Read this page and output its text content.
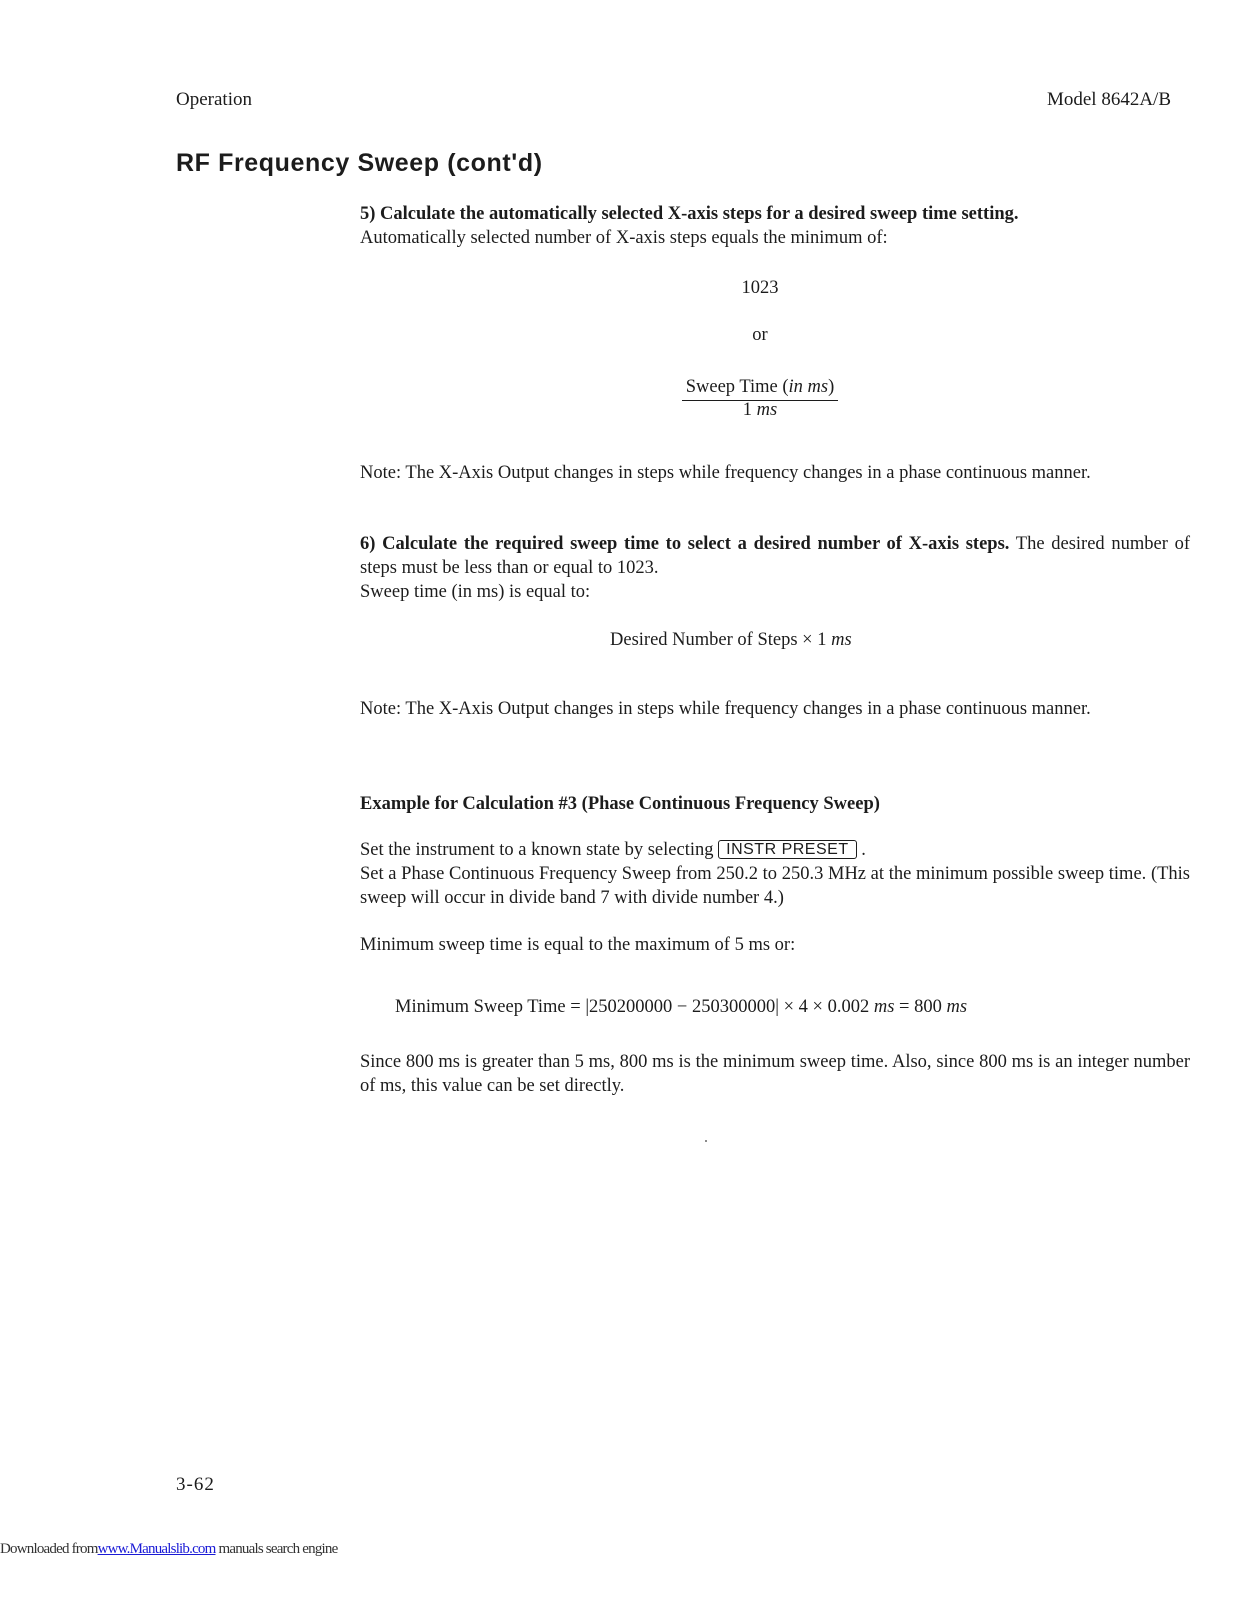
Operation	Model 8642A/B
RF Frequency Sweep (cont'd)
5) Calculate the automatically selected X-axis steps for a desired sweep time setting.
Automatically selected number of X-axis steps equals the minimum of:
1023
or
Sweep Time (in ms)
1 ms
Note: The X-Axis Output changes in steps while frequency changes in a phase continuous manner.
6) Calculate the required sweep time to select a desired number of X-axis steps. The desired number of steps must be less than or equal to 1023.
Sweep time (in ms) is equal to:
Desired Number of Steps × 1 ms
Note: The X-Axis Output changes in steps while frequency changes in a phase continuous manner.
Example for Calculation #3 (Phase Continuous Frequency Sweep)
Set the instrument to a known state by selecting INSTR PRESET .
Set a Phase Continuous Frequency Sweep from 250.2 to 250.3 MHz at the minimum possible sweep time. (This sweep will occur in divide band 7 with divide number 4.)
Minimum sweep time is equal to the maximum of 5 ms or:
Minimum Sweep Time = |250200000 − 250300000| × 4 × 0.002 ms = 800 ms
Since 800 ms is greater than 5 ms, 800 ms is the minimum sweep time. Also, since 800 ms is an integer number of ms, this value can be set directly.
3-62
Downloaded fromwww.Manualslib.com manuals search engine
